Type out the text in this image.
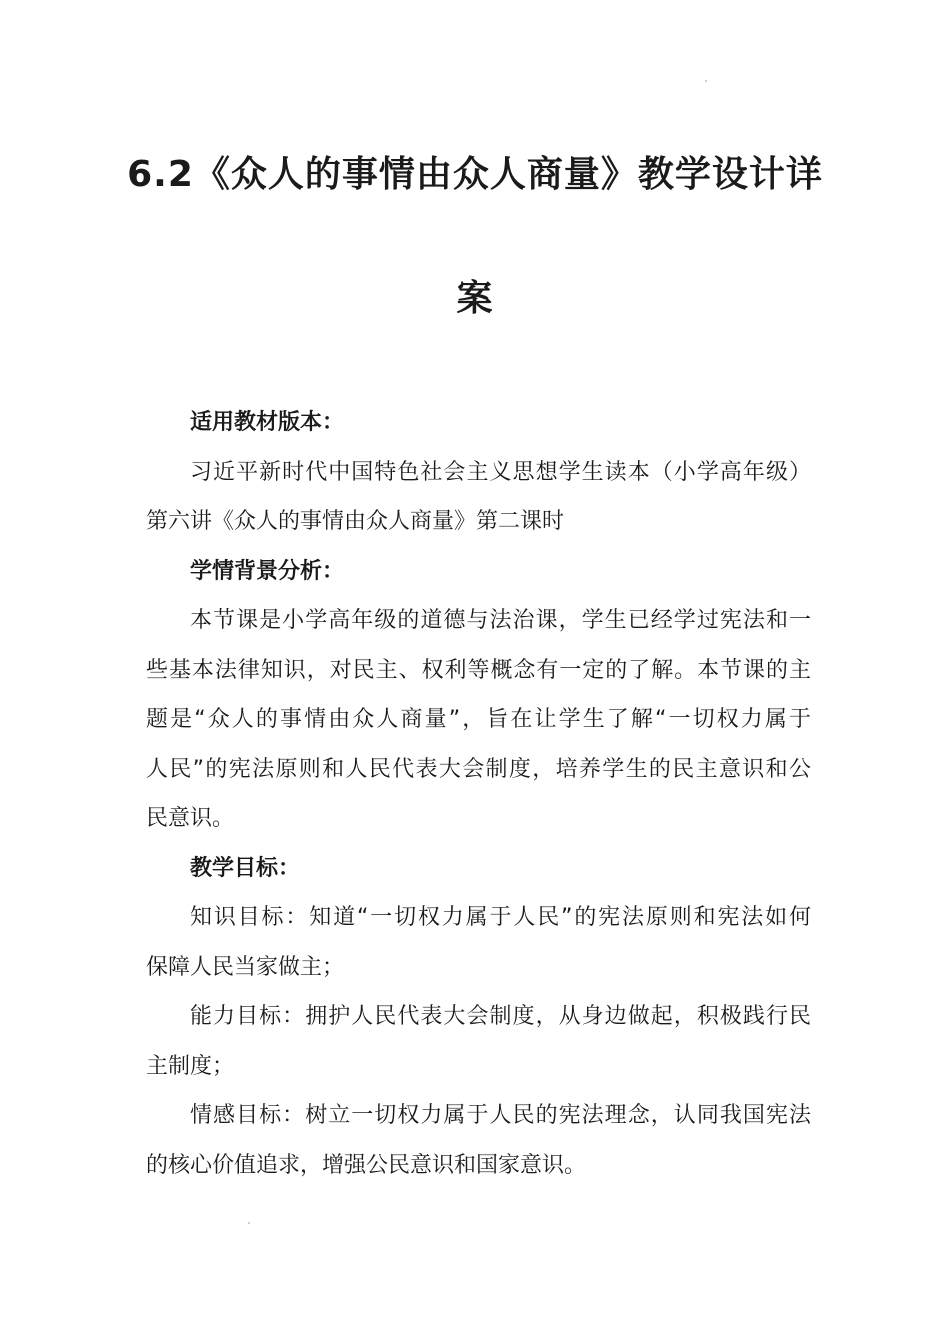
6.2《众人的事情由众人商量》教学设计详
案
适用教材版本：
习近平新时代中国特色社会主义思想学生读本（小学高年级）
第六讲《众人的事情由众人商量》第二课时
学情背景分析：
本节课是小学高年级的道德与法治课，学生已经学过宪法和一
些基本法律知识，对民主、权利等概念有一定的了解。本节课的主
题是“众人的事情由众人商量”，旨在让学生了解“一切权力属于
人民”的宪法原则和人民代表大会制度，培养学生的民主意识和公
民意识。
教学目标：
知识目标：知道“一切权力属于人民”的宪法原则和宪法如何
保障人民当家做主；
能力目标：拥护人民代表大会制度，从身边做起，积极践行民
主制度；
情感目标：树立一切权力属于人民的宪法理念，认同我国宪法
的核心价值追求，增强公民意识和国家意识。
